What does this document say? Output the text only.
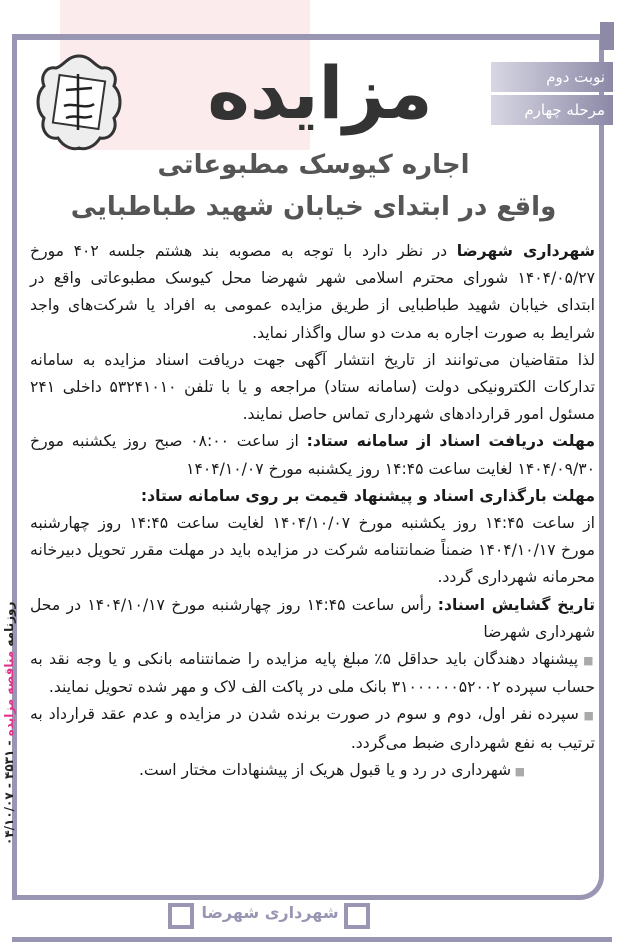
نوبت دوم
مرحله چهارم
مزایده
اجاره کیوسک مطبوعاتی
واقع در ابتدای خیابان شهید طباطبایی

شهرداری شهرضا در نظر دارد با توجه به مصوبه بند هشتم جلسه ۴۰۲ مورخ ۱۴۰۴/۰۵/۲۷ شورای محترم اسلامی شهر شهرضا محل کیوسک مطبوعاتی واقع در ابتدای خیابان شهید طباطبایی از طریق مزایده عمومی به افراد یا شرکت‌های واجد شرایط به صورت اجاره به مدت دو سال واگذار نماید.

لذا متقاضیان می‌توانند از تاریخ انتشار آگهی جهت دریافت اسناد مزایده به سامانه تدارکات الکترونیکی دولت (سامانه ستاد) مراجعه و یا با تلفن ۵۳۲۴۱۰۱۰ داخلی ۲۴۱ مسئول امور قراردادهای شهرداری تماس حاصل نمایند.

مهلت دریافت اسناد از سامانه ستاد: از ساعت ۰۸:۰۰ صبح روز یکشنبه مورخ ۱۴۰۴/۰۹/۳۰ لغایت ساعت ۱۴:۴۵ روز یکشنبه مورخ ۱۴۰۴/۱۰/۰۷

مهلت بارگذاری اسناد و پیشنهاد قیمت بر روی سامانه ستاد:

از ساعت ۱۴:۴۵ روز یکشنبه مورخ ۱۴۰۴/۱۰/۰۷ لغایت ساعت ۱۴:۴۵ روز چهارشنبه مورخ ۱۴۰۴/۱۰/۱۷ ضمناً ضمانتنامه شرکت در مزایده باید در مهلت مقرر تحویل دبیرخانه محرمانه شهرداری گردد.

تاریخ گشایش اسناد: رأس ساعت ۱۴:۴۵ روز چهارشنبه مورخ ۱۴۰۴/۱۰/۱۷ در محل شهرداری شهرضا

■ پیشنهاد دهندگان باید حداقل ۵٪ مبلغ پایه مزایده را ضمانتنامه بانکی و یا وجه نقد به حساب سپرده ۳۱۰۰۰۰۰۰۵۲۰۰۲ بانک ملی در پاکت الف لاک و مهر شده تحویل نمایند.

■ سپرده نفر اول، دوم و سوم در صورت برنده شدن در مزایده و عدم عقد قرارداد به ترتیب به نفع شهرداری ضبط می‌گردد.

■ شهرداری در رد و یا قبول هریک از پیشنهادات مختار است.

روزنامه مناقصه مزایده - ۴۵۳۱ - ۰۴/۱۰/۰۷
شهرداری شهرضا
